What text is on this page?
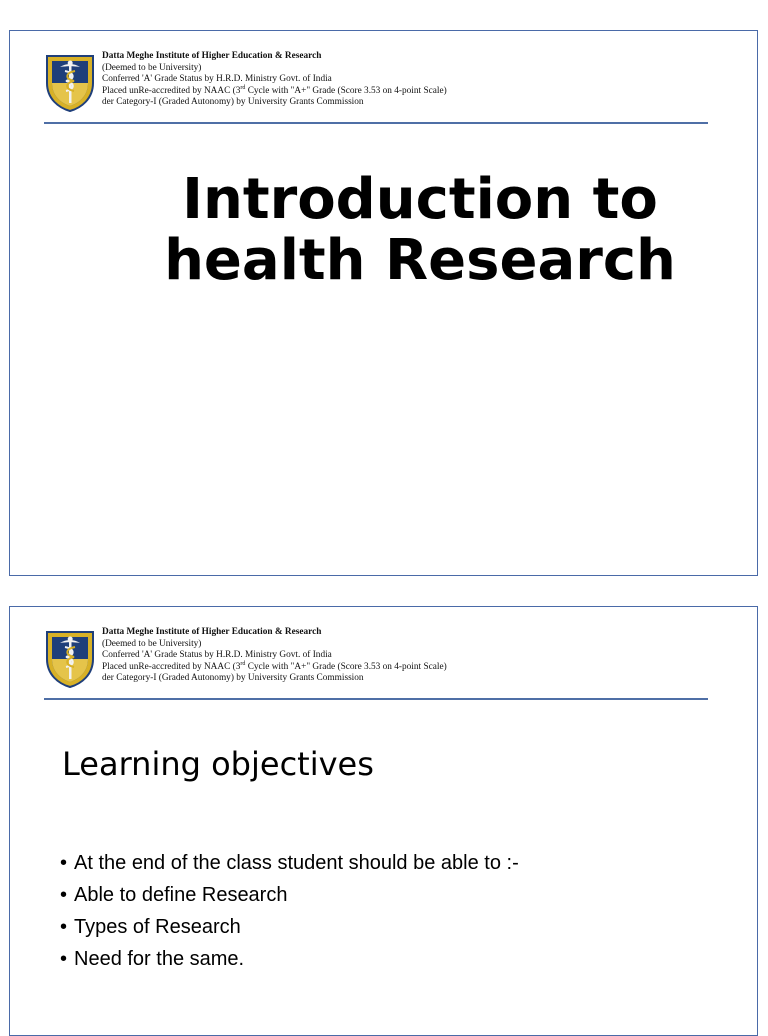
Datta Meghe Institute of Higher Education & Research
(Deemed to be University)
Conferred 'A' Grade Status by H.R.D. Ministry Govt. of India
Placed unRe-accredited by NAAC (3rd Cycle with "A+" Grade (Score 3.53 on 4-point Scale)
der Category-I (Graded Autonomy) by University Grants Commission
Introduction to
health Research
Datta Meghe Institute of Higher Education & Research
(Deemed to be University)
Conferred 'A' Grade Status by H.R.D. Ministry Govt. of India
Placed unRe-accredited by NAAC (3rd Cycle with "A+" Grade (Score 3.53 on 4-point Scale)
der Category-I (Graded Autonomy) by University Grants Commission
Learning objectives
• At the end of the class student should be able to :-
• Able to define Research
• Types of Research
• Need for the same.
